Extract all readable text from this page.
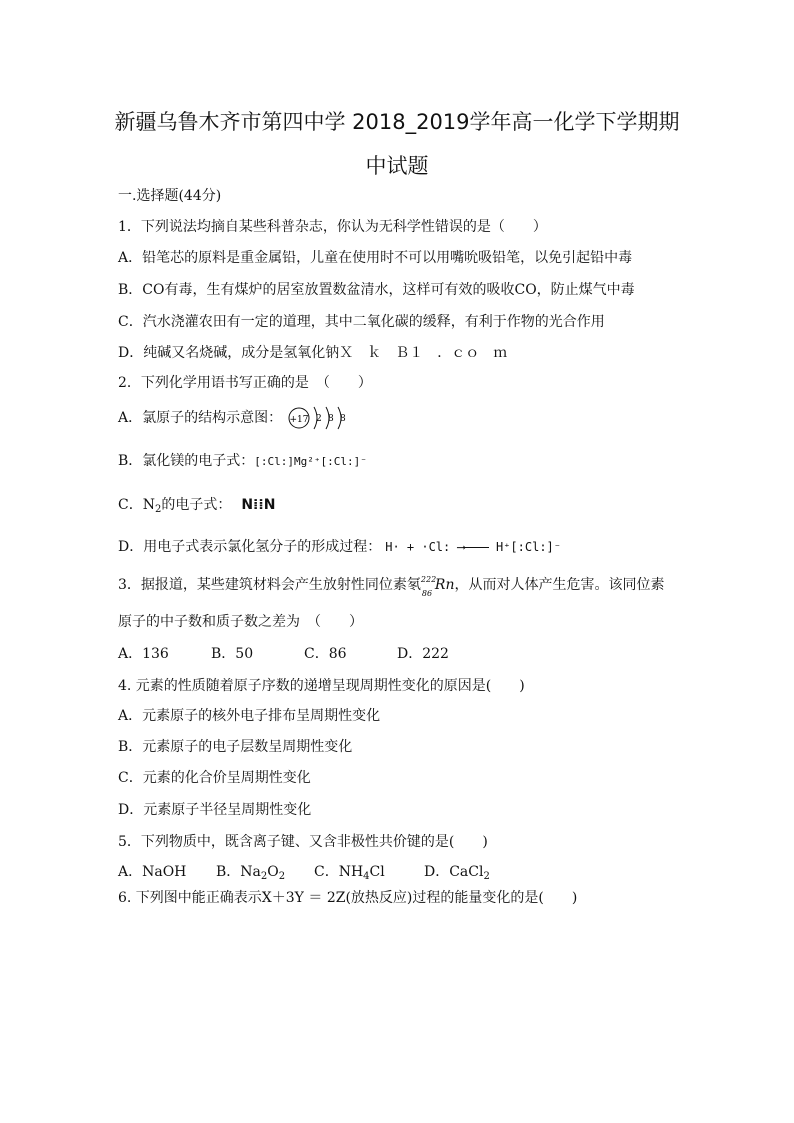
新疆乌鲁木齐市第四中学 2018_2019学年高一化学下学期期
中试题
一.选择题(44分)
1．下列说法均摘自某些科普杂志，你认为无科学性错误的是（　　）
A．铅笔芯的原料是重金属铅，儿童在使用时不可以用嘴吮吸铅笔，以免引起铅中毒
B．CO有毒，生有煤炉的居室放置数盆清水，这样可有效的吸收CO，防止煤气中毒
C．汽水浇灌农田有一定的道理，其中二氧化碳的缓释，有利于作物的光合作用
D．纯碱又名烧碱，成分是氢氧化钠Ｘ　ｋ　Ｂ１　．ｃｏ　ｍ
2．下列化学用语书写正确的是　（　　）
A．氯原子的结构示意图： +17 2 8 8
B．氯化镁的电子式：[:Cl:]Mg²⁺[:Cl:]⁻
C．$N_2$的电子式： N⁞⁞N
D．用电子式表示氯化氢分子的形成过程： H· + ·Cl: ⟶	H⁺[:Cl:]⁻
3．据报道，某些建筑材料会产生放射性同位素氡 222
86
Rn，从而对人体产生危害。该同位素
原子的中子数和质子数之差为　（　　）
A．136	B．50	C．86	D．222
4. 元素的性质随着原子序数的递增呈现周期性变化的原因是(　　)
A．元素原子的核外电子排布呈周期性变化
B．元素原子的电子层数呈周期性变化
C．元素的化合价呈周期性变化
D．元素原子半径呈周期性变化
5．下列物质中，既含离子键、又含非极性共价键的是(　　)
A．NaOH B．$Na_2O_2$ C．$NH_4Cl$	D．CaCl$_2$
6. 下列图中能正确表示X＋3Y ＝ 2Z(放热反应)过程的能量变化的是(　　)
